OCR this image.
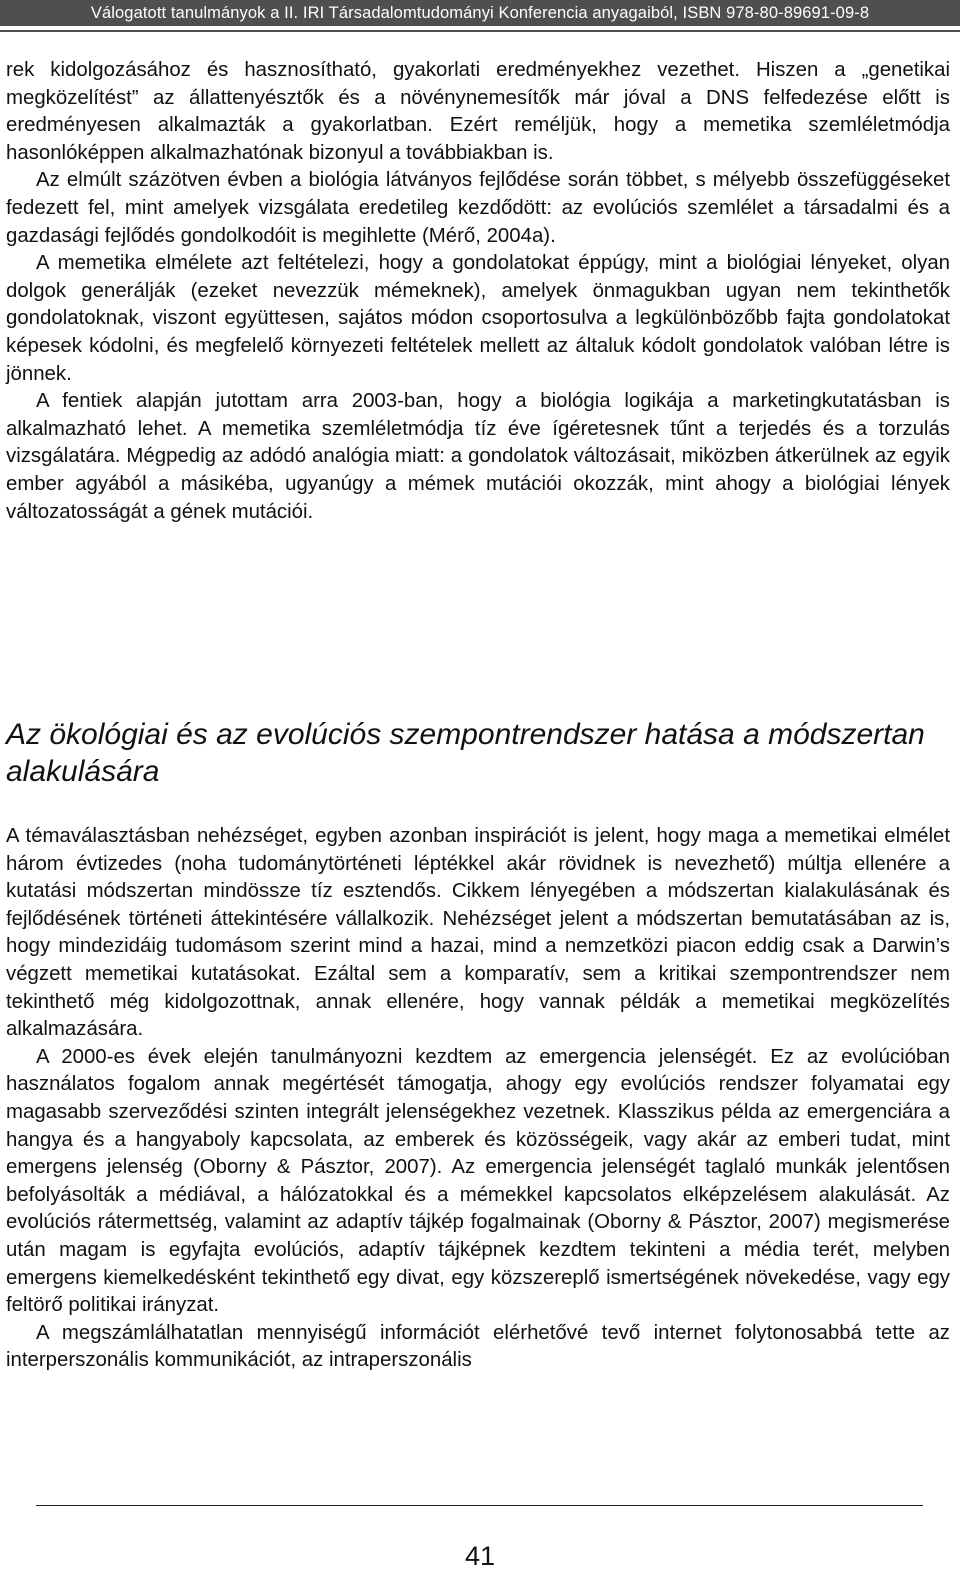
Válogatott tanulmányok a II. IRI Társadalomtudományi Konferencia anyagaiból, ISBN 978-80-89691-09-8

rek kidolgozásához és hasznosítható, gyakorlati eredményekhez vezethet. Hiszen a „genetikai megközelítést” az állattenyésztők és a növénynemesítők már jóval a DNS felfedezése előtt is eredményesen alkalmazták a gyakorlatban. Ezért reméljük, hogy a memetika szemléletmódja hasonlóképpen alkalmazhatónak bizonyul a továbbiakban is.

Az elmúlt százötven évben a biológia látványos fejlődése során többet, s mélyebb összefüggéseket fedezett fel, mint amelyek vizsgálata eredetileg kezdődött: az evolúciós szemlélet a társadalmi és a gazdasági fejlődés gondolkodóit is megihlette (Mérő, 2004a).

A memetika elmélete azt feltételezi, hogy a gondolatokat éppúgy, mint a biológiai lényeket, olyan dolgok generálják (ezeket nevezzük mémeknek), amelyek önmagukban ugyan nem tekinthetők gondolatoknak, viszont együttesen, sajátos módon csoportosulva a legkülönbözőbb fajta gondolatokat képesek kódolni, és megfelelő környezeti feltételek mellett az általuk kódolt gondolatok valóban létre is jönnek.

A fentiek alapján jutottam arra 2003-ban, hogy a biológia logikája a marketingkutatásban is alkalmazható lehet. A memetika szemléletmódja tíz éve ígéretesnek tűnt a terjedés és a torzulás vizsgálatára. Mégpedig az adódó analógia miatt: a gondolatok változásait, miközben átkerülnek az egyik ember agyából a másikéba, ugyanúgy a mémek mutációi okozzák, mint ahogy a biológiai lények változatosságát a gének mutációi.

Az ökológiai és az evolúciós szempontrendszer hatása a módszertan alakulására

A témaválasztásban nehézséget, egyben azonban inspirációt is jelent, hogy maga a memetikai elmélet három évtizedes (noha tudománytörténeti léptékkel akár rövidnek is nevezhető) múltja ellenére a kutatási módszertan mindössze tíz esztendős. Cikkem lényegében a módszertan kialakulásának és fejlődésének történeti áttekintésére vállalkozik. Nehézséget jelent a módszertan bemutatásában az is, hogy mindezidáig tudomásom szerint mind a hazai, mind a nemzetközi piacon eddig csak a Darwin’s végzett memetikai kutatásokat. Ezáltal sem a komparatív, sem a kritikai szempontrendszer nem tekinthető még kidolgozottnak, annak ellenére, hogy vannak példák a memetikai megközelítés alkalmazására.

A 2000-es évek elején tanulmányozni kezdtem az emergencia jelenségét. Ez az evolúcióban használatos fogalom annak megértését támogatja, ahogy egy evolúciós rendszer folyamatai egy magasabb szerveződési szinten integrált jelenségekhez vezetnek. Klasszikus példa az emergenciára a hangya és a hangyaboly kapcsolata, az emberek és közösségeik, vagy akár az emberi tudat, mint emergens jelenség (Oborny & Pásztor, 2007). Az emergencia jelenségét taglaló munkák jelentősen befolyásolták a médiával, a hálózatokkal és a mémekkel kapcsolatos elképzelésem alakulását. Az evolúciós rátermettség, valamint az adaptív tájkép fogalmainak (Oborny & Pásztor, 2007) megismerése után magam is egyfajta evolúciós, adaptív tájképnek kezdtem tekinteni a média terét, melyben emergens kiemelkedésként tekinthető egy divat, egy közszereplő ismertségének növekedése, vagy egy feltörő politikai irányzat.

A megszámlálhatatlan mennyiségű információt elérhetővé tevő internet folytonosabbá tette az interperszonális kommunikációt, az intraperszonális

41
